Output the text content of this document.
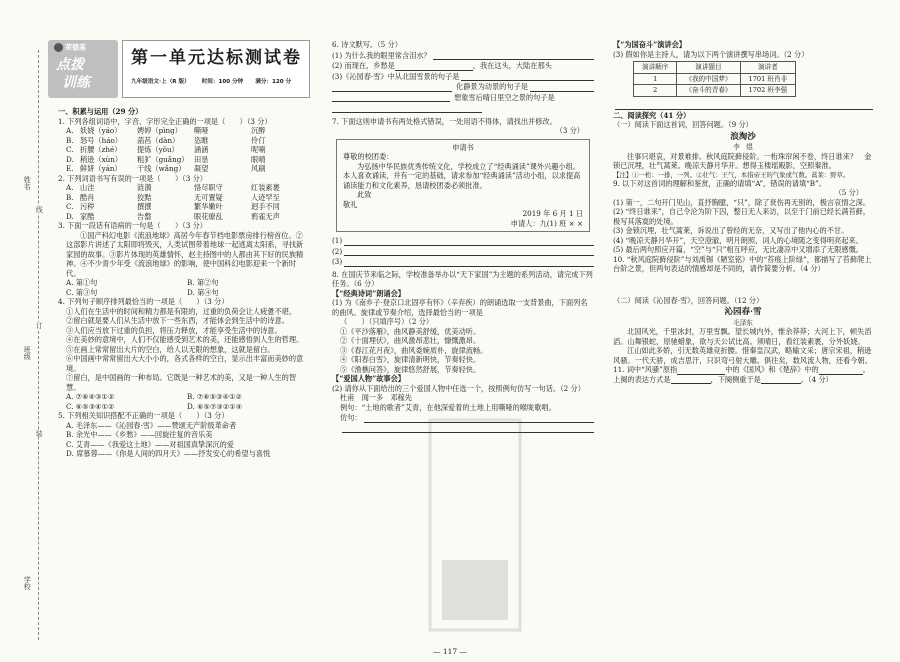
姓名
班级
学校
线
订
装
荣德基
点拨
训练
第一单元达标测试卷
九年级语文·上（R 版） 时间：100 分钟 满分：120 分
一、积累与运用（29 分）
1. 下列各组词语中，字音、字形完全正确的一项是（　　）（3 分）
A. 妖娆（yáo）	娉婷（pìng）	嘶哑	沉醉
B. 怒号（háo）	菡萏（dàn）	恣睢	伶仃
C. 折腰（zhé）	提炼（yǒu）	涵涵	呢喃
D. 稍逊（xùn）	粗犷（guǎng） 田垦	眼晴
E. 鲜妍（yán）	干线（wǎng）	凝望	风刷
2. 下列词语书写有误的一项是（　　）（3 分）
A. 山洼	涟漪	恪尽职守	红装素裹
B. 酷肖	狡黠	无可置疑	人迹罕至
C. 污秽	撰撰	繁华嫩叶	迥手不同
D. 家酷	告罄	眼花缭乱	鸦雀无声
3. 下面一段话有语病的一句是（　　）（3 分）
①国产科幻电影《流浪地球》高居今年春节档电影票房排行榜首位。②这部影片讲述了太阳即将毁灭，人类试图带着地球一起逃离太阳系，寻找新家园的故事。③影片体现的英雄情怀，赵主持图中的人都由其下好的民族精神。④不少青少年受《流浪地球》的影响，使中国科幻电影迎来一个新时代。
A. 第①句	B. 第②句
C. 第③句	D. 第④句
4. 下列句子顺序排列最恰当的一项是（　　）（3 分）
①人们在生活中的时间和精力都是有限的，过重的负荷会让人疲惫不堪。
②留白就是要人们从生活中放下一些东西，才能体会到生活中的诗意。
③人们应当放下过重的负担，将压力释放，才能享受生活中的诗意。
④在美妙的意境中，人们不仅能感受到艺术的美，还能感悟到人生的哲理。
⑤在画上常常留出大片的空白，给人以无限的想象，这就是留白。
⑥中国画中常常留出大大小小的，各式各样的空白，显示出丰富而美妙的意境。
⑦留白，是中国画的一种布局。它既是一种艺术的美，又是一种人生的智慧。
A. ⑦⑥④③①②	B. ⑦⑥⑤③④①②
C. ⑥⑤③④①②	D. ⑥⑤⑦③②①④
5. 下列相关知识搭配不正确的一项是（　　）（3 分）
A. 毛泽东——《沁园春·雪》——赞颂无产阶级革命者
B. 余光中——《乡愁》——回旋往复的音乐美
C. 艾青——《我爱这土地》——对祖国真挚深沉的爱
D. 席慕蓉——《你是人间的四月天》——抒发安心的希望与喜悦
6. 诗文默写。（5 分）
(1) 为什么我的眼里常含泪水？
(2) 而现在，乡愁是	，我在这头，大陆在那头
(3)《沁园春·雪》中从北国雪景的句子是
化静景为动景的句子是
想象雪后晴日里空之景的句子是
7. 下面这则申请书有两处格式错误，一处用语不得体，请找出并修改。
（3 分）
申请书
尊敬的校团委：
为弘扬中华民族优秀传统文化，学校成立了“经典诵读”课外兴趣小组。本人喜欢诵读，并有一定的基础，请求参加“经典诵读”活动小组，以求提高诵读能力和文化素养，恳请校团委必须批准。
此致
敬礼
2019 年 6 月 1 日
申请人：九(1) 班 × ×
(1)
(2)
(3)
8. 在国庆节来临之际，学校准备举办以“天下家国”为主题的系列活动，请完成下列任务。（6 分）
【“经典诗词”朗诵会】
(1) 为《南乡子·登京口北固亭有怀》（辛弃疾）的朗诵选取一支背景曲，下面列名的曲风、旋律或节奏介绍，选择最恰当的一项是
（　　）（只填序号）（2 分）
①《平沙落雁》，曲风静美舒缓，优美动听。
②《十面埋伏》，曲风激昂悲壮，慷慨激昂。
③《春江花月夜》，曲风委婉质朴，旋律流畅。
④《阳春白雪》，旋律清新明快，节奏轻快。
⑤《渔樵问答》，旋律悠然舒展，节奏轻快。
【“爱国人物”故事会】
(2) 请你从下面给出的三个爱国人物中任选一个，按照例句仿写一句话。（2 分）
杜甫　闻一多　邓稼先
例句：“土地的歌者”艾青，在他深爱着的土地上用嘶哑的喉咙歌唱。
仿句：
【“为国奋斗”演讲会】
(3) 假如你是主持人，请为以下两个演讲撰写串场词。（2 分）
演讲顺序	演讲题目	演讲者
1	《我的中国梦》	1701 班肖非
2	《奋斗的青春》	1702 班李强
二、阅读探究（41 分）
（一）阅读下面这首词，回答问题。（9 分）
浪淘沙
李　煜
往事只堪哀，对景难排。秋风庭院藓侵阶。一桁珠帘闲不卷，终日谁来？　金锁已沉埋，壮气蒿莱。晚凉天静月华开。想得玉楼瑶殿影，空照秦淮。
【注】①一桁：一排，一列。②壮气：王气，本指帝王的气象或气数。蒿莱：野草。
9. 以下对这首词的理解和鉴赏，正确的请填“A”，错误的请填“B”。
（5 分）
(1) 第一，二句开门见山，直抒胸臆，“只”，除了衰伤再无别的，极言哀情之深。
(2) “终日谁来”，自己令沦为阶下囚，整日无人来访，以至于门前已经长满苔藓，极写其落寞的处境。
(3) 金锁沉埋，壮气蒿莱，诉说出了曾经的无奈，又写出了他内心的不甘。
(4) “晚凉天静月华开”，天空澄澈，明月朗照，词人的心境随之变得明亮起来。
(5) 最后两句照应开篇，“空”与“只”相互呼应，无比凄凉中又增添了无限感慨。
10. “秋风庭院藓侵阶”与刘禹锡《陋室铭》中的“苔痕上阶绿”，都描写了苔藓爬上台阶之景，但两句表达的情感却是不同的，请作简要分析。（4 分）
（二）阅读《沁园春·雪》，回答问题。（12 分）
沁园春·雪
毛泽东
北国风光，千里冰封，万里雪飘。望长城内外，惟余莽莽；大河上下，顿失滔滔。山舞银蛇，原驰蜡象，欲与天公试比高。须晴日，看红装素裹，分外妖娆。
江山如此多娇，引无数英雄竞折腰。惜秦皇汉武，略输文采；唐宗宋祖，稍逊风骚。一代天骄，成吉思汗，只识弯弓射大雕。俱往矣，数风流人物，还看今朝。
11. 词中“风骚”原指	中的《国风》和《楚辞》中的	。上阕的表达方式是	，下阕侧重于是	。（4 分）
— 117 —
